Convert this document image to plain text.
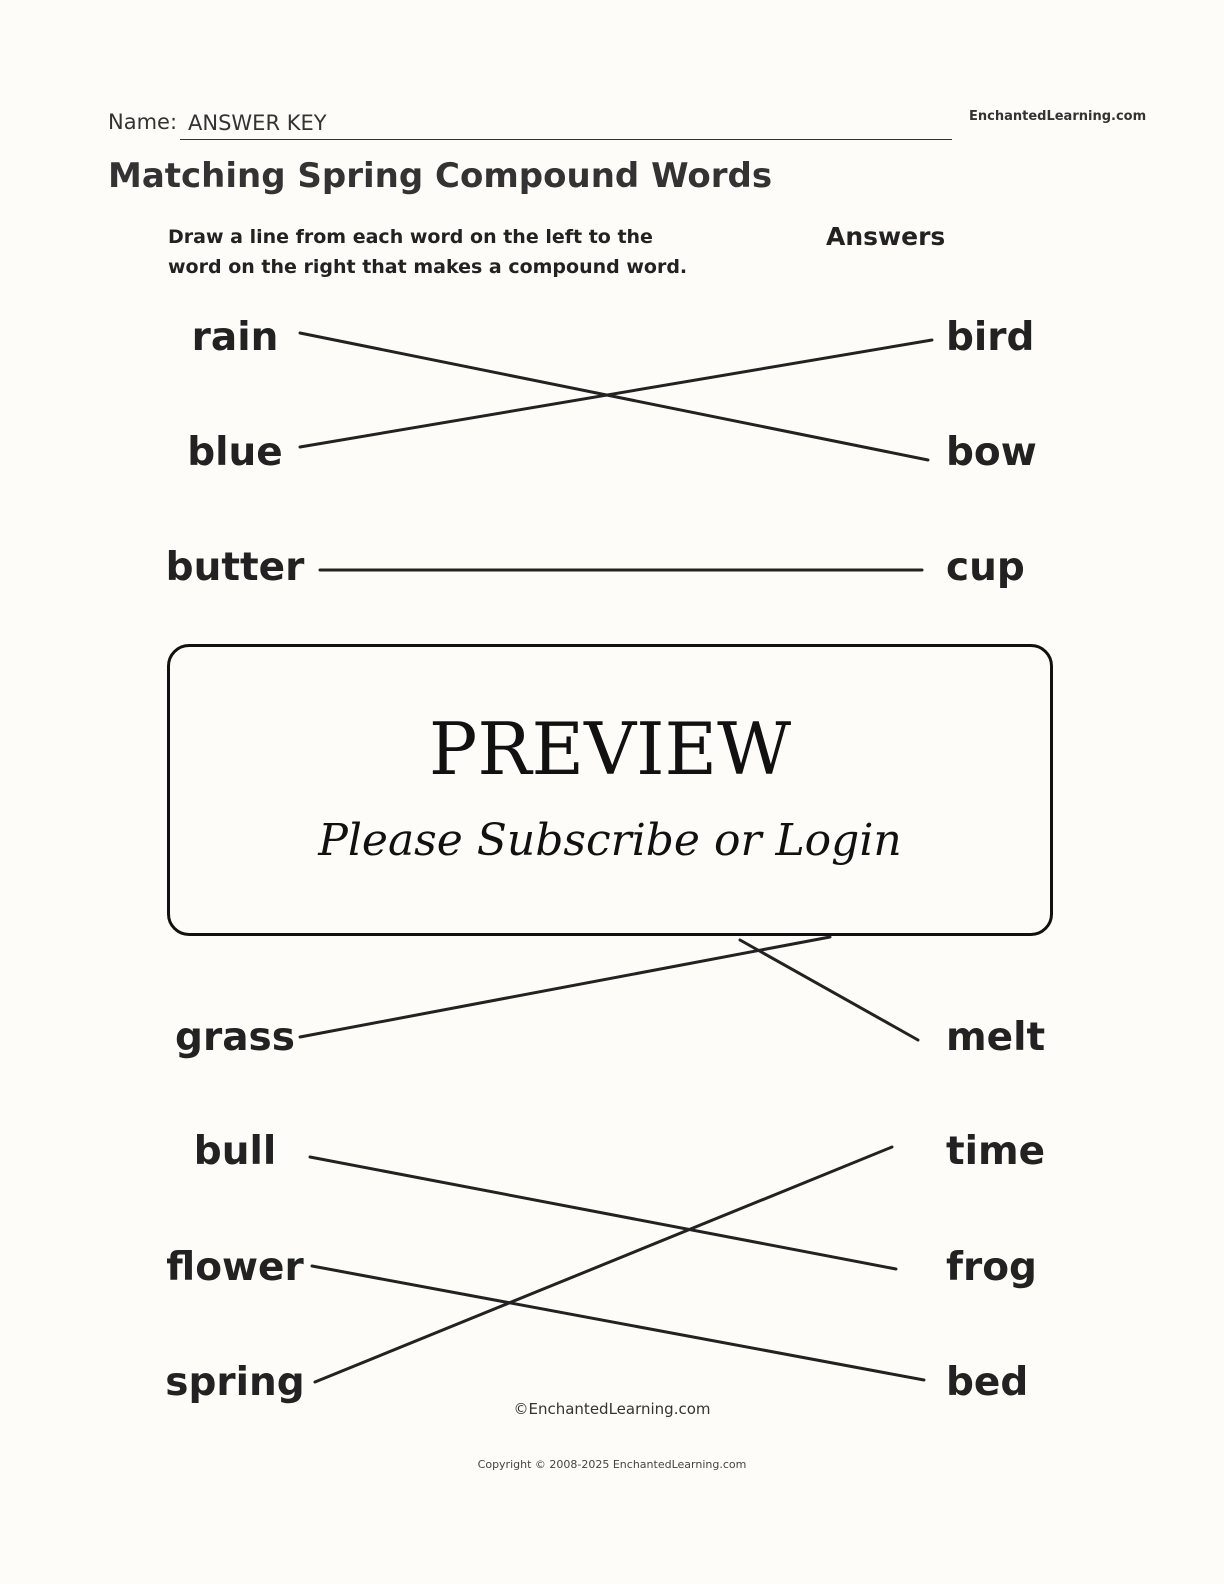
Name: ANSWER KEY	EnchantedLearning.com
Matching Spring Compound Words
Draw a line from each word on the left to the word on the right that makes a compound word.
Answers
rain
blue
butter
grass
bull
flower
spring
bird
bow
cup
melt
time
frog
bed
PREVIEW
Please Subscribe or Login
©EnchantedLearning.com
Copyright © 2008-2025 EnchantedLearning.com
